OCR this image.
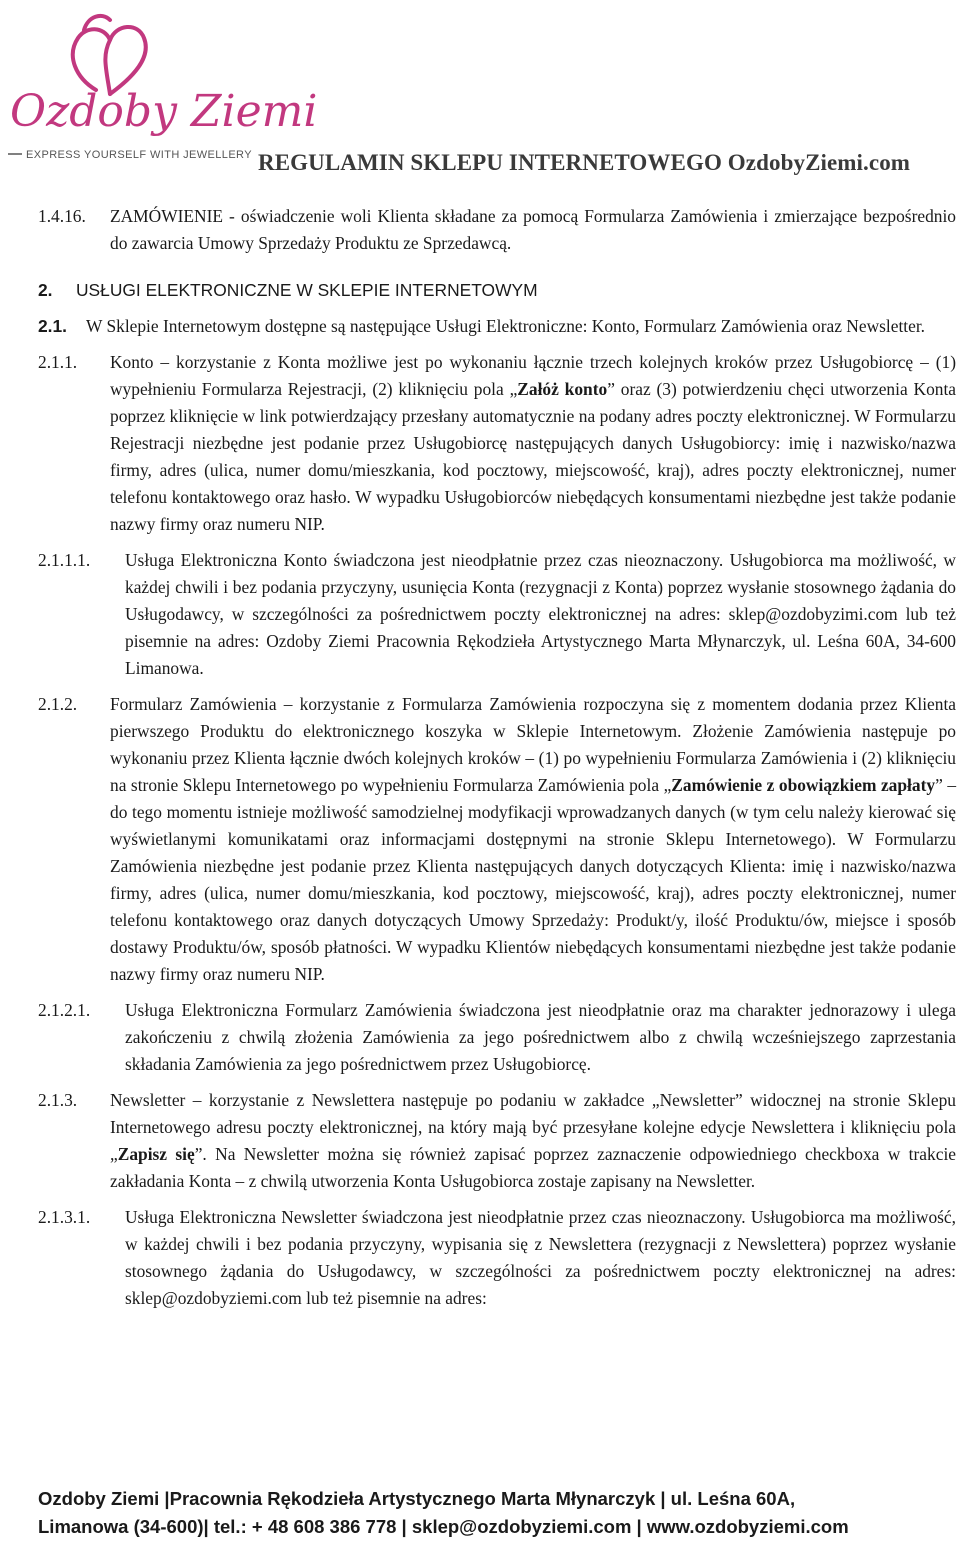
Ozdoby Ziemi
EXPRESS YOURSELF WITH JEWELLERY REGULAMIN SKLEPU INTERNETOWEGO OzdobyZiemi.com
1.4.16.	ZAMÓWIENIE - oświadczenie woli Klienta składane za pomocą Formularza Zamówienia i zmierzające bezpośrednio do zawarcia Umowy Sprzedaży Produktu ze Sprzedawcą.
2.	USŁUGI ELEKTRONICZNE W SKLEPIE INTERNETOWYM
2.1.	W Sklepie Internetowym dostępne są następujące Usługi Elektroniczne: Konto, Formularz Zamówienia oraz Newsletter.
2.1.1.	Konto – korzystanie z Konta możliwe jest po wykonaniu łącznie trzech kolejnych kroków przez Usługobiorcę – (1) wypełnieniu Formularza Rejestracji, (2) kliknięciu pola „Załóż konto” oraz (3) potwierdzeniu chęci utworzenia Konta poprzez kliknięcie w link potwierdzający przesłany automatycznie na podany adres poczty elektronicznej. W Formularzu Rejestracji niezbędne jest podanie przez Usługobiorcę następujących danych Usługobiorcy: imię i nazwisko/nazwa firmy, adres (ulica, numer domu/mieszkania, kod pocztowy, miejscowość, kraj), adres poczty elektronicznej, numer telefonu kontaktowego oraz hasło. W wypadku Usługobiorców niebędących konsumentami niezbędne jest także podanie nazwy firmy oraz numeru NIP.
2.1.1.1.	Usługa Elektroniczna Konto świadczona jest nieodpłatnie przez czas nieoznaczony. Usługobiorca ma możliwość, w każdej chwili i bez podania przyczyny, usunięcia Konta (rezygnacji z Konta) poprzez wysłanie stosownego żądania do Usługodawcy, w szczególności za pośrednictwem poczty elektronicznej na adres: sklep@ozdobyzimi.com lub też pisemnie na adres: Ozdoby Ziemi Pracownia Rękodzieła Artystycznego Marta Młynarczyk, ul. Leśna 60A, 34-600 Limanowa.
2.1.2.	Formularz Zamówienia – korzystanie z Formularza Zamówienia rozpoczyna się z momentem dodania przez Klienta pierwszego Produktu do elektronicznego koszyka w Sklepie Internetowym. Złożenie Zamówienia następuje po wykonaniu przez Klienta łącznie dwóch kolejnych kroków – (1) po wypełnieniu Formularza Zamówienia i (2) kliknięciu na stronie Sklepu Internetowego po wypełnieniu Formularza Zamówienia pola „Zamówienie z obowiązkiem zapłaty” – do tego momentu istnieje możliwość samodzielnej modyfikacji wprowadzanych danych (w tym celu należy kierować się wyświetlanymi komunikatami oraz informacjami dostępnymi na stronie Sklepu Internetowego). W Formularzu Zamówienia niezbędne jest podanie przez Klienta następujących danych dotyczących Klienta: imię i nazwisko/nazwa firmy, adres (ulica, numer domu/mieszkania, kod pocztowy, miejscowość, kraj), adres poczty elektronicznej, numer telefonu kontaktowego oraz danych dotyczących Umowy Sprzedaży: Produkt/y, ilość Produktu/ów, miejsce i sposób dostawy Produktu/ów, sposób płatności. W wypadku Klientów niebędących konsumentami niezbędne jest także podanie nazwy firmy oraz numeru NIP.
2.1.2.1.	Usługa Elektroniczna Formularz Zamówienia świadczona jest nieodpłatnie oraz ma charakter jednorazowy i ulega zakończeniu z chwilą złożenia Zamówienia za jego pośrednictwem albo z chwilą wcześniejszego zaprzestania składania Zamówienia za jego pośrednictwem przez Usługobiorcę.
2.1.3.	Newsletter – korzystanie z Newslettera następuje po podaniu w zakładce „Newsletter” widocznej na stronie Sklepu Internetowego adresu poczty elektronicznej, na który mają być przesyłane kolejne edycje Newslettera i kliknięciu pola „Zapisz się”. Na Newsletter można się również zapisać poprzez zaznaczenie odpowiedniego checkboxa w trakcie zakładania Konta – z chwilą utworzenia Konta Usługobiorca zostaje zapisany na Newsletter.
2.1.3.1.	Usługa Elektroniczna Newsletter świadczona jest nieodpłatnie przez czas nieoznaczony. Usługobiorca ma możliwość, w każdej chwili i bez podania przyczyny, wypisania się z Newslettera (rezygnacji z Newslettera) poprzez wysłanie stosownego żądania do Usługodawcy, w szczególności za pośrednictwem poczty elektronicznej na adres: sklep@ozdobyziemi.com lub też pisemnie na adres:
Ozdoby Ziemi |Pracownia Rękodzieła Artystycznego Marta Młynarczyk | ul. Leśna 60A,
Limanowa (34-600)| tel.: + 48 608 386 778 | sklep@ozdobyziemi.com | www.ozdobyziemi.com
